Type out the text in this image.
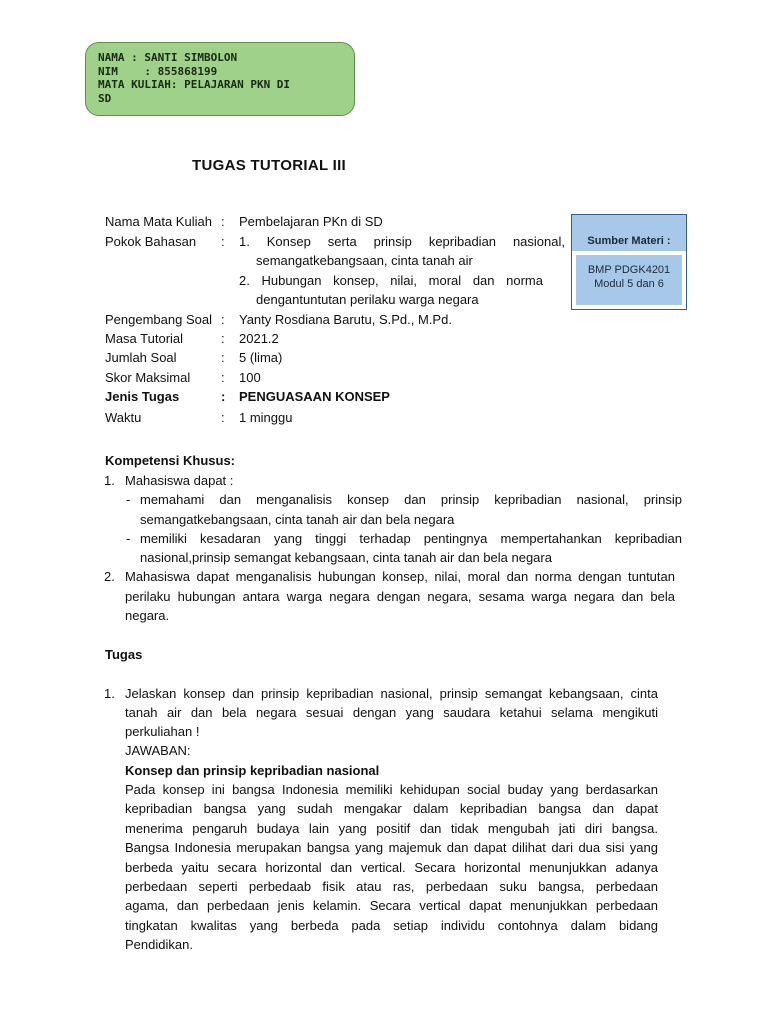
NAMA : SANTI SIMBOLON
NIM    : 855868199
MATA KULIAH: PELAJARAN PKN DI
SD
TUGAS TUTORIAL III
Nama Mata Kuliah : Pembelajaran PKn di SD
Pokok Bahasan	: 1. Konsep serta prinsip kepribadian nasional,
semangatkebangsaan, cinta tanah air
2. Hubungan konsep, nilai, moral dan norma
dengantuntutan perilaku warga negara
Pengembang Soal : Yanty Rosdiana Barutu, S.Pd., M.Pd.
Masa Tutorial	: 2021.2
Jumlah Soal	: 5 (lima)
Skor Maksimal	: 100
Jenis Tugas	: PENGUASAAN KONSEP
Waktu	: 1 minggu
Sumber Materi :
BMP PDGK4201
Modul 5 dan 6
Kompetensi Khusus:
1. Mahasiswa dapat :
- memahami dan menganalisis konsep dan prinsip kepribadian nasional, prinsip
semangatkebangsaan, cinta tanah air dan bela negara
- memiliki kesadaran yang tinggi terhadap pentingnya mempertahankan kepribadian
nasional,prinsip semangat kebangsaan, cinta tanah air dan bela negara
2. Mahasiswa dapat menganalisis hubungan konsep, nilai, moral dan norma dengan tuntutan
perilaku hubungan antara warga negara dengan negara, sesama warga negara dan bela
negara.
Tugas
1. Jelaskan konsep dan prinsip kepribadian nasional, prinsip semangat kebangsaan, cinta
tanah air dan bela negara sesuai dengan yang saudara ketahui selama mengikuti
perkuliahan !
JAWABAN:
Konsep dan prinsip kepribadian nasional
Pada konsep ini bangsa Indonesia memiliki kehidupan social buday yang berdasarkan
kepribadian bangsa yang sudah mengakar dalam kepribadian bangsa dan dapat
menerima pengaruh budaya lain yang positif dan tidak mengubah jati diri bangsa.
Bangsa Indonesia merupakan bangsa yang majemuk dan dapat dilihat dari dua sisi yang
berbeda yaitu secara horizontal dan vertical. Secara horizontal menunjukkan adanya
perbedaan seperti perbedaab fisik atau ras, perbedaan suku bangsa, perbedaan
agama, dan perbedaan jenis kelamin. Secara vertical dapat menunjukkan perbedaan
tingkatan kwalitas yang berbeda pada setiap individu contohnya dalam bidang
Pendidikan.
